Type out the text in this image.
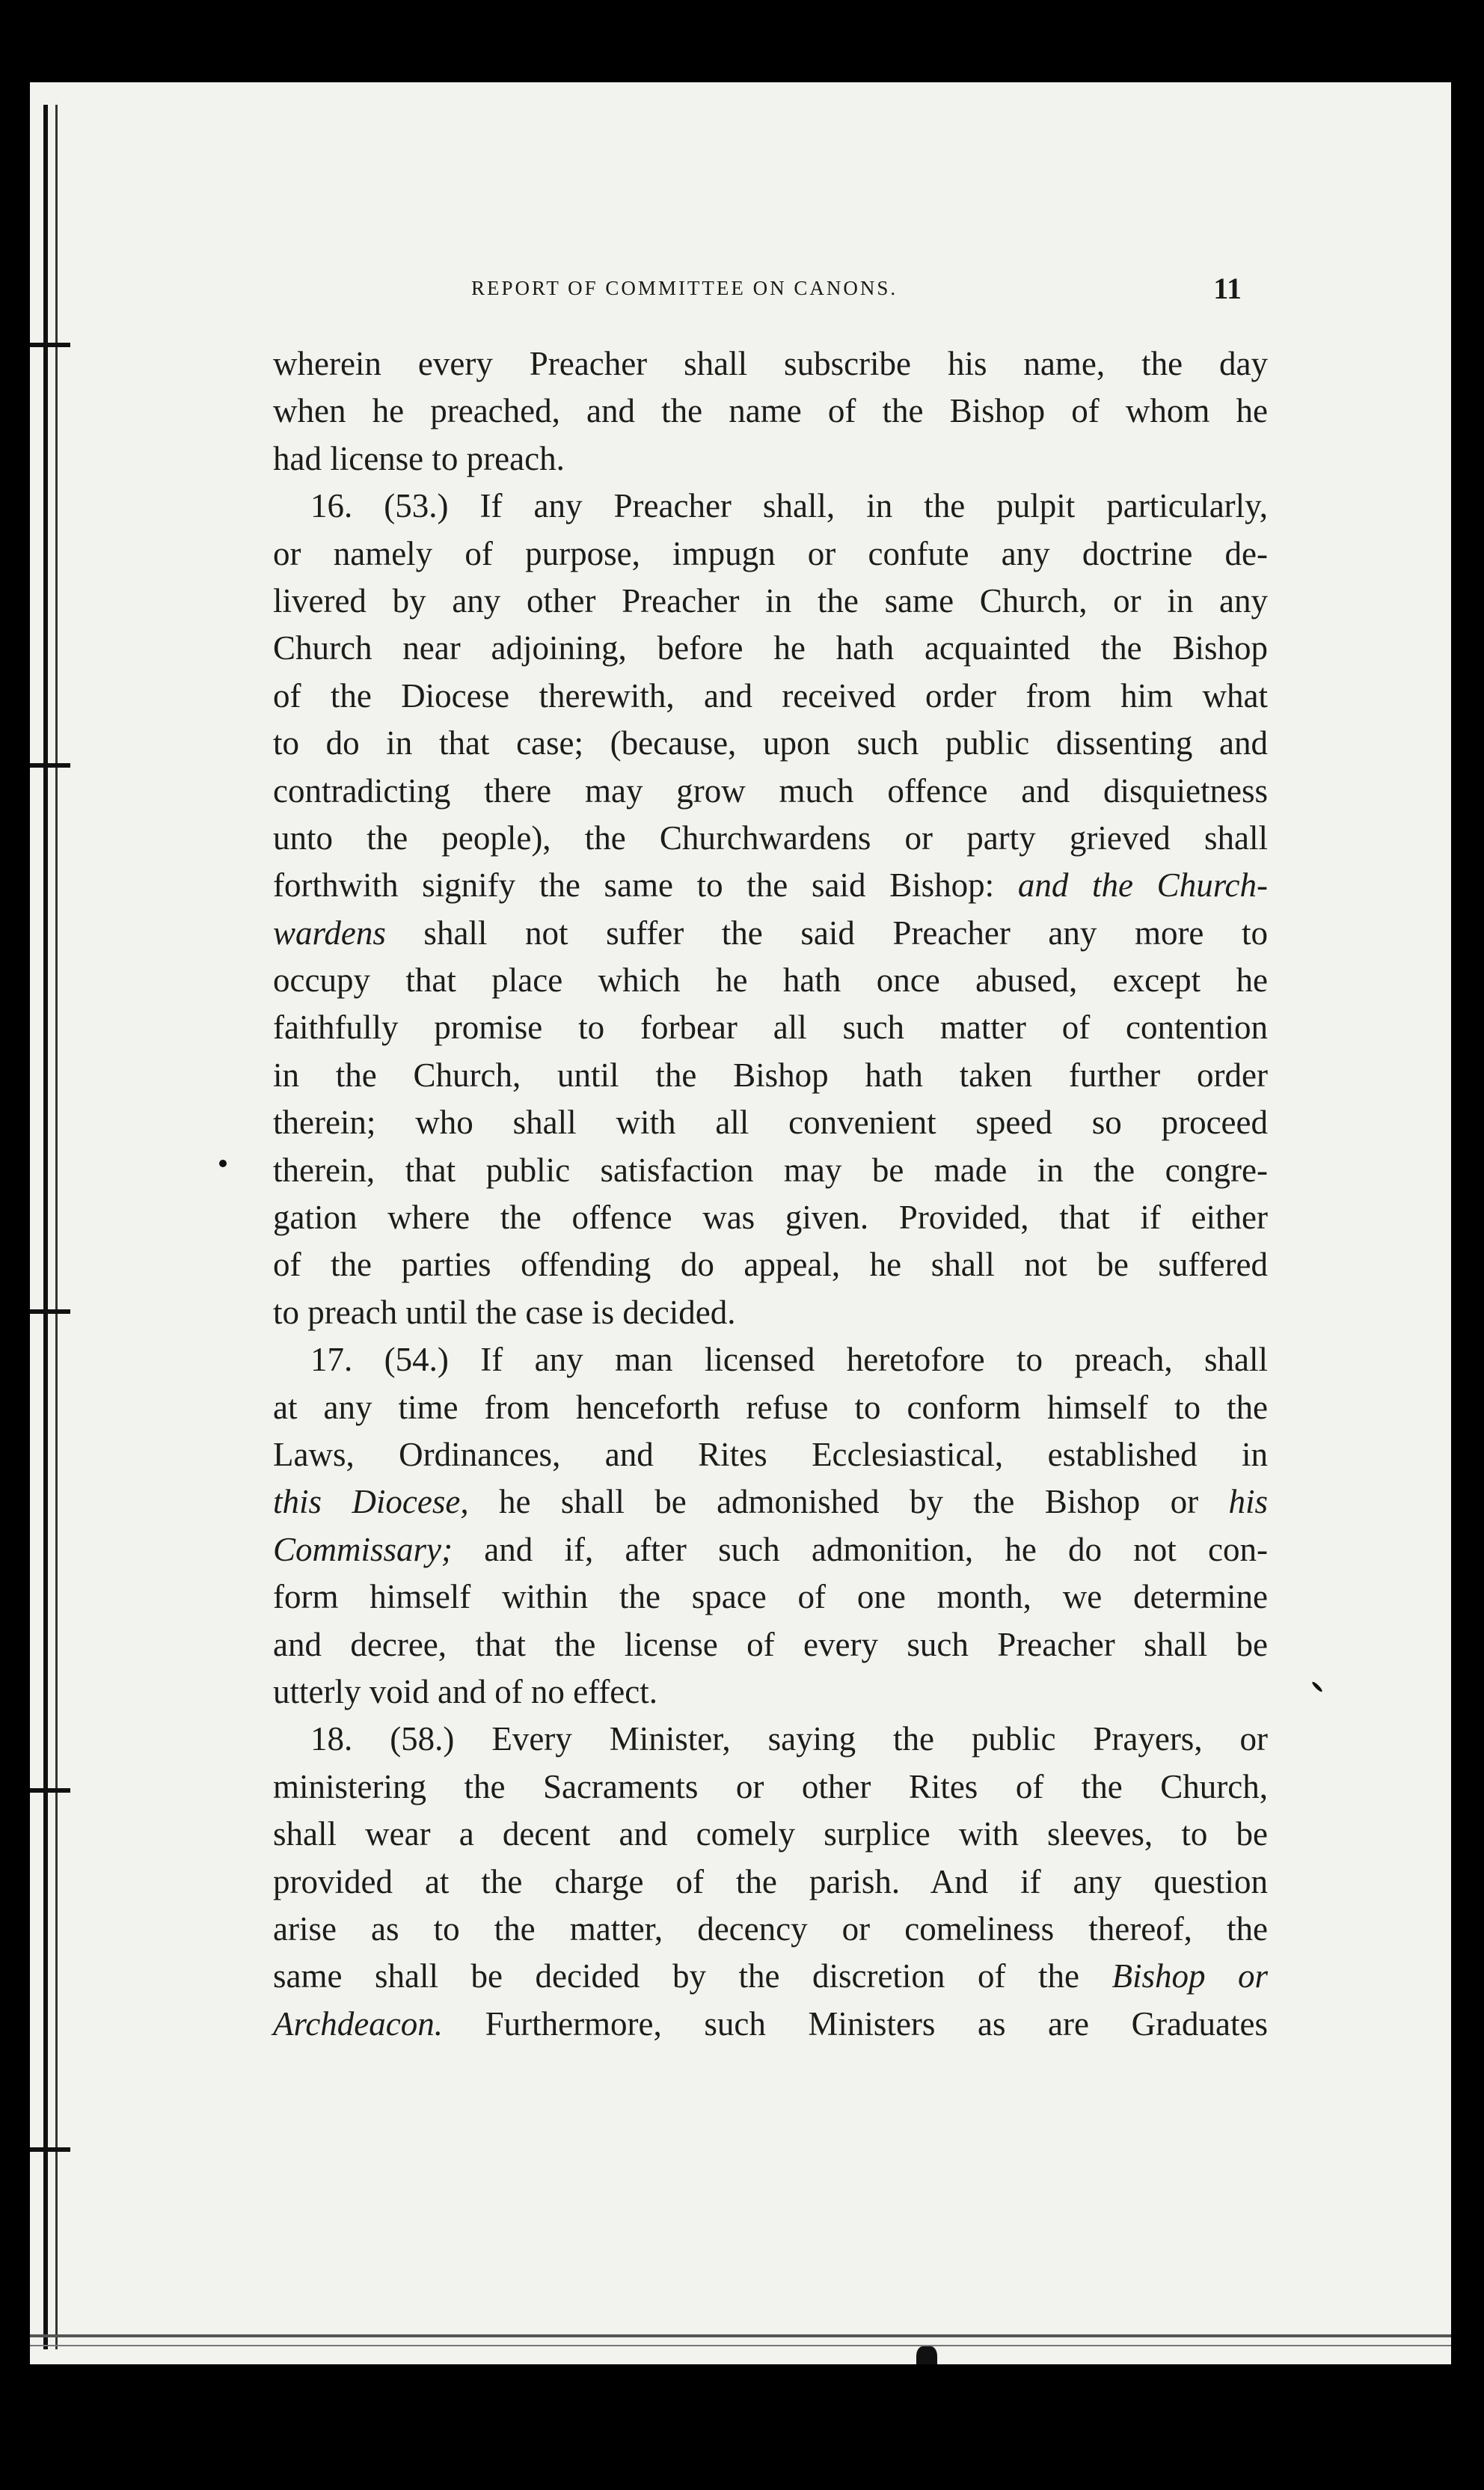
REPORT OF COMMITTEE ON CANONS.	11
wherein every Preacher shall subscribe his name, the day
when he preached, and the name of the Bishop of whom he
had license to preach.
16. (53.) If any Preacher shall, in the pulpit particularly,
or namely of purpose, impugn or confute any doctrine de-
livered by any other Preacher in the same Church, or in any
Church near adjoining, before he hath acquainted the Bishop
of the Diocese therewith, and received order from him what
to do in that case; (because, upon such public dissenting and
contradicting there may grow much offence and disquietness
unto the people), the Churchwardens or party grieved shall
forthwith signify the same to the said Bishop: and the Church-
wardens shall not suffer the said Preacher any more to
occupy that place which he hath once abused, except he
faithfully promise to forbear all such matter of contention
in the Church, until the Bishop hath taken further order
therein; who shall with all convenient speed so proceed
therein, that public satisfaction may be made in the congre-
gation where the offence was given. Provided, that if either
of the parties offending do appeal, he shall not be suffered
to preach until the case is decided.
17. (54.) If any man licensed heretofore to preach, shall
at any time from henceforth refuse to conform himself to the
Laws, Ordinances, and Rites Ecclesiastical, established in
this Diocese, he shall be admonished by the Bishop or his
Commissary; and if, after such admonition, he do not con-
form himself within the space of one month, we determine
and decree, that the license of every such Preacher shall be
utterly void and of no effect.
18. (58.) Every Minister, saying the public Prayers, or
ministering the Sacraments or other Rites of the Church,
shall wear a decent and comely surplice with sleeves, to be
provided at the charge of the parish. And if any question
arise as to the matter, decency or comeliness thereof, the
same shall be decided by the discretion of the Bishop or
Archdeacon. Furthermore, such Ministers as are Graduates
